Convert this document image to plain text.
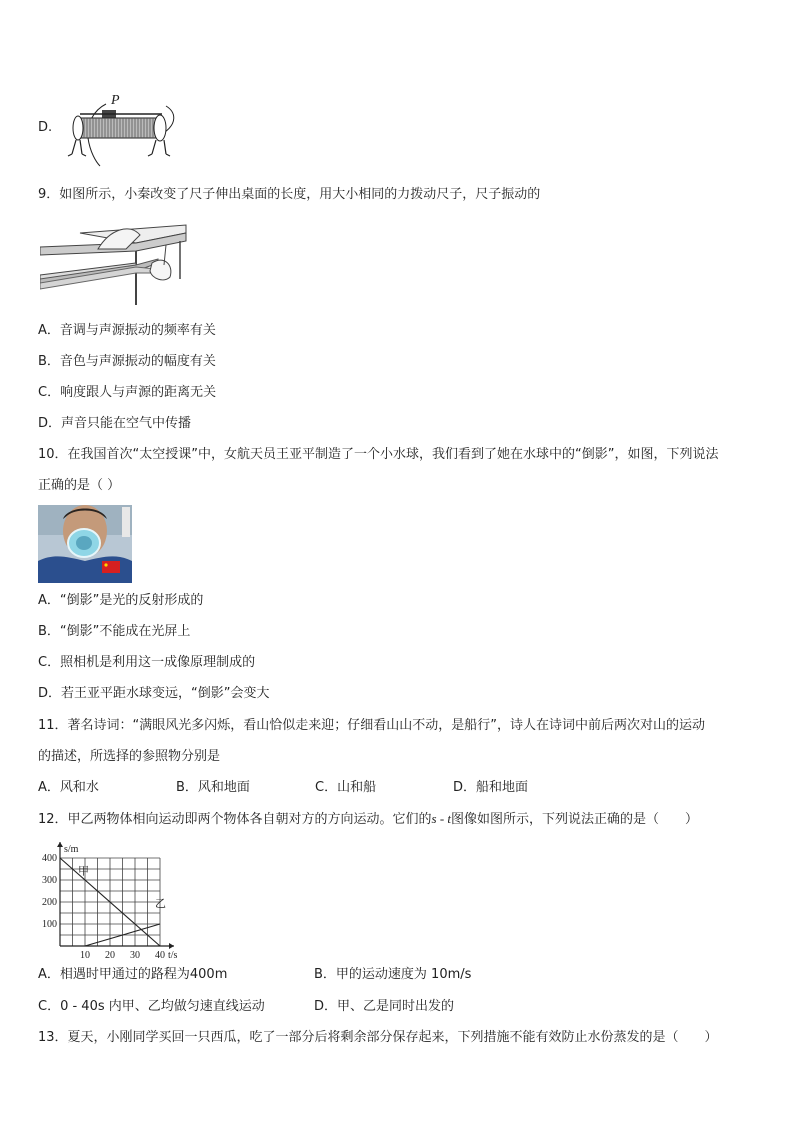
D.
P
9．如图所示，小秦改变了尺子伸出桌面的长度，用大小相同的力拨动尺子，尺子振动的
A．音调与声源振动的频率有关
B．音色与声源振动的幅度有关
C．响度跟人与声源的距离无关
D．声音只能在空气中传播
10．在我国首次“太空授课”中，女航天员王亚平制造了一个小水球，我们看到了她在水球中的“倒影”，如图，下列说法
正确的是（ ）
A．“倒影”是光的反射形成的
B．“倒影”不能成在光屏上
C．照相机是利用这一成像原理制成的
D．若王亚平距水球变远，“倒影”会变大
11．著名诗词：“满眼风光多闪烁，看山恰似走来迎；仔细看山山不动，是船行”，诗人在诗词中前后两次对山的运动
的描述，所选择的参照物分别是
A．风和水	B．风和地面	C．山和船	D．船和地面
12．甲乙两物体相向运动即两个物体各自朝对方的方向运动。它们的s - t图像如图所示，下列说法正确的是（　　）
10 20 30 40
100
200
300
400
t/s
s/m
甲
乙
A．相遇时甲通过的路程为400m	B．甲的运动速度为 10m/s
C．0 - 40s 内甲、乙均做匀速直线运动	D．甲、乙是同时出发的
13．夏天，小刚同学买回一只西瓜，吃了一部分后将剩余部分保存起来，下列措施不能有效防止水份蒸发的是（　　）
